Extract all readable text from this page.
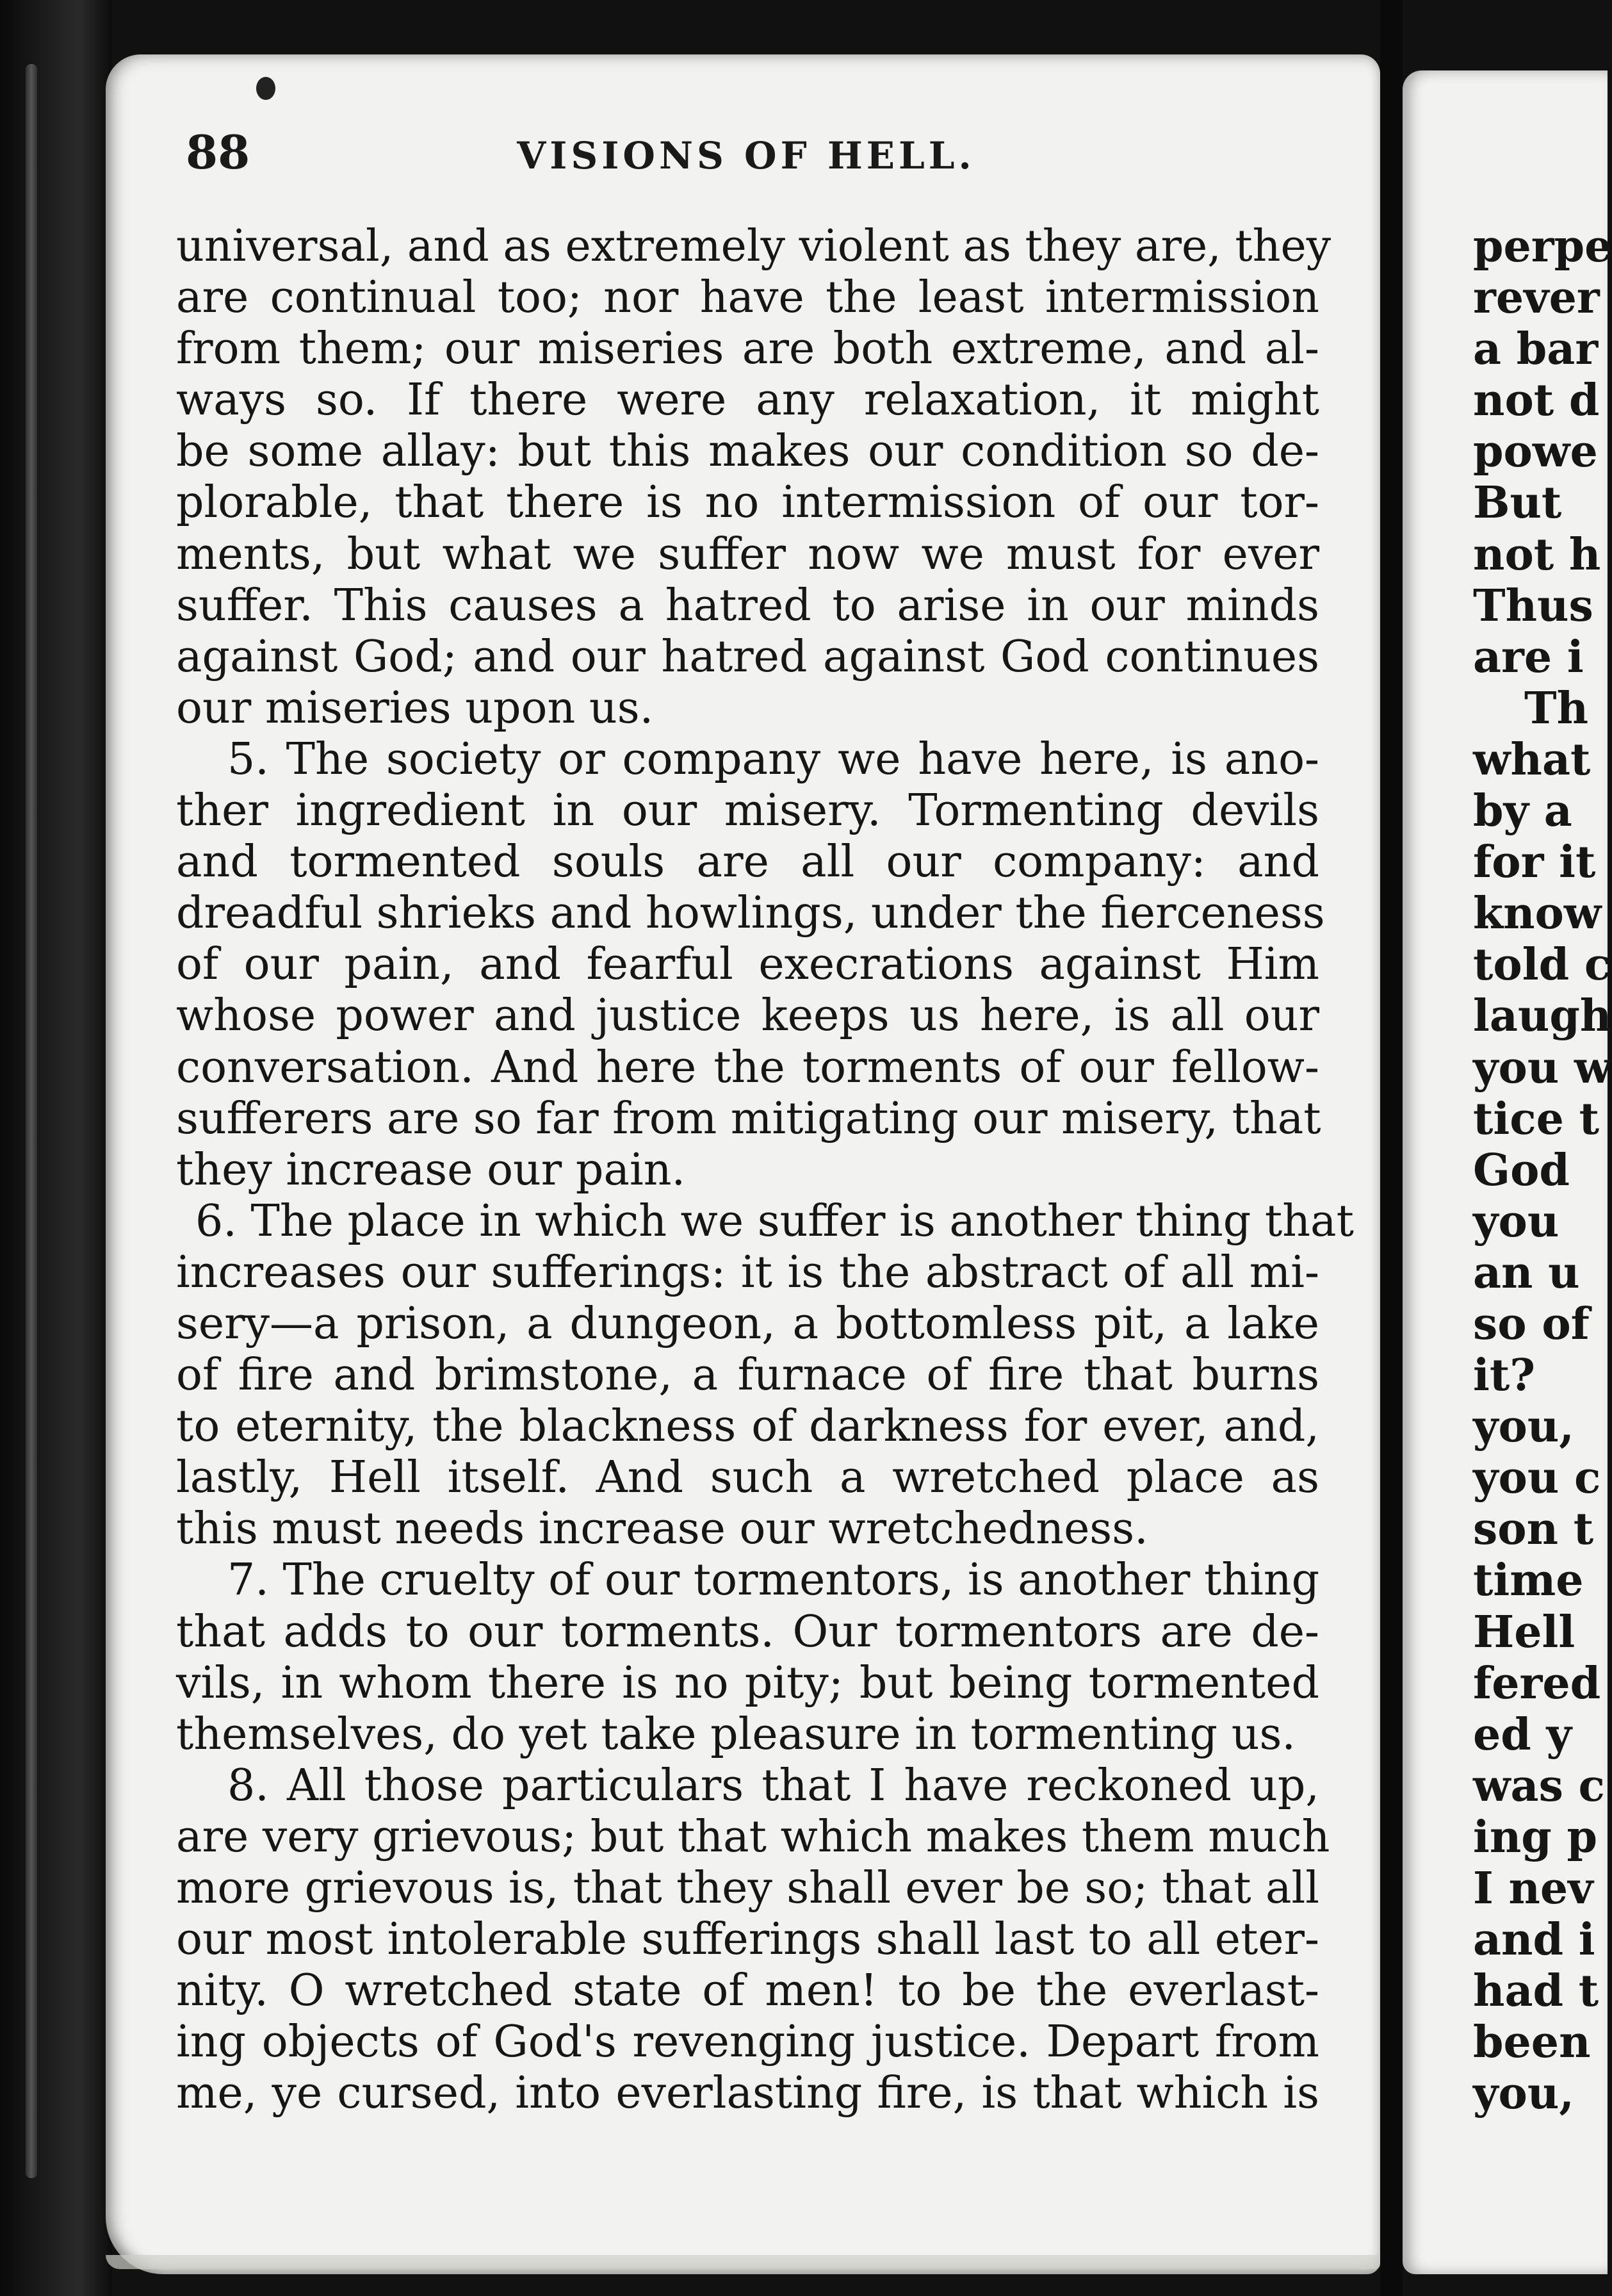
88	VISIONS OF HELL.
universal, and as extremely violent as they are, they
are continual too; nor have the least intermission
from them; our miseries are both extreme, and al-
ways so. If there were any relaxation, it might
be some allay: but this makes our condition so de-
plorable, that there is no intermission of our tor-
ments, but what we suffer now we must for ever
suffer. This causes a hatred to arise in our minds
against God; and our hatred against God continues
our miseries upon us.
5. The society or company we have here, is ano-
ther ingredient in our misery. Tormenting devils
and tormented souls are all our company: and
dreadful shrieks and howlings, under the fierceness
of our pain, and fearful execrations against Him
whose power and justice keeps us here, is all our
conversation. And here the torments of our fellow-
sufferers are so far from mitigating our misery, that
they increase our pain.
6. The place in which we suffer is another thing that
increases our sufferings: it is the abstract of all mi-
sery—a prison, a dungeon, a bottomless pit, a lake
of fire and brimstone, a furnace of fire that burns
to eternity, the blackness of darkness for ever, and,
lastly, Hell itself. And such a wretched place as
this must needs increase our wretchedness.
7. The cruelty of our tormentors, is another thing
that adds to our torments. Our tormentors are de-
vils, in whom there is no pity; but being tormented
themselves, do yet take pleasure in tormenting us.
8. All those particulars that I have reckoned up,
are very grievous; but that which makes them much
more grievous is, that they shall ever be so; that all
our most intolerable sufferings shall last to all eter-
nity. O wretched state of men! to be the everlast-
ing objects of God's revenging justice. Depart from
me, ye cursed, into everlasting fire, is that which is
perpe
rever
a bar
not d
powe
But
not h
Thus
are i
Th
what
by a
for it
know
told c
laugh
you w
tice t
God
you
an u
so of
it?
you,
you c
son t
time
Hell
fered
ed y
was c
ing p
I nev
and i
had t
been
you,
